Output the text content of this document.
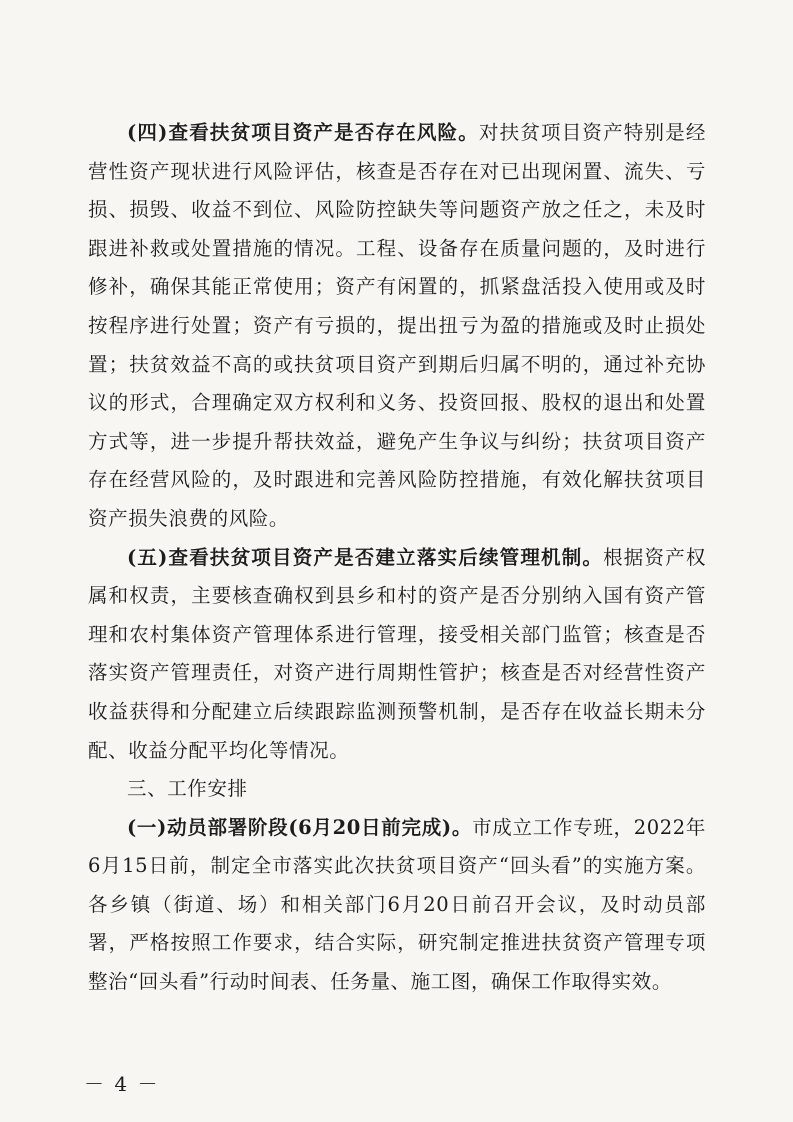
(四)查看扶贫项目资产是否存在风险。对扶贫项目资产特别是经营性资产现状进行风险评估，核查是否存在对已出现闲置、流失、亏损、损毁、收益不到位、风险防控缺失等问题资产放之任之，未及时跟进补救或处置措施的情况。工程、设备存在质量问题的，及时进行修补，确保其能正常使用；资产有闲置的，抓紧盘活投入使用或及时按程序进行处置；资产有亏损的，提出扭亏为盈的措施或及时止损处置；扶贫效益不高的或扶贫项目资产到期后归属不明的，通过补充协议的形式，合理确定双方权利和义务、投资回报、股权的退出和处置方式等，进一步提升帮扶效益，避免产生争议与纠纷；扶贫项目资产存在经营风险的，及时跟进和完善风险防控措施，有效化解扶贫项目资产损失浪费的风险。

(五)查看扶贫项目资产是否建立落实后续管理机制。根据资产权属和权责，主要核查确权到县乡和村的资产是否分别纳入国有资产管理和农村集体资产管理体系进行管理，接受相关部门监管；核查是否落实资产管理责任，对资产进行周期性管护；核查是否对经营性资产收益获得和分配建立后续跟踪监测预警机制，是否存在收益长期未分配、收益分配平均化等情况。

三、工作安排

(一)动员部署阶段(6月20日前完成)。市成立工作专班，2022年6月15日前，制定全市落实此次扶贫项目资产“回头看”的实施方案。各乡镇（街道、场）和相关部门6月20日前召开会议，及时动员部署，严格按照工作要求，结合实际，研究制定推进扶贫资产管理专项整治“回头看”行动时间表、任务量、施工图，确保工作取得实效。

－ 4 －
